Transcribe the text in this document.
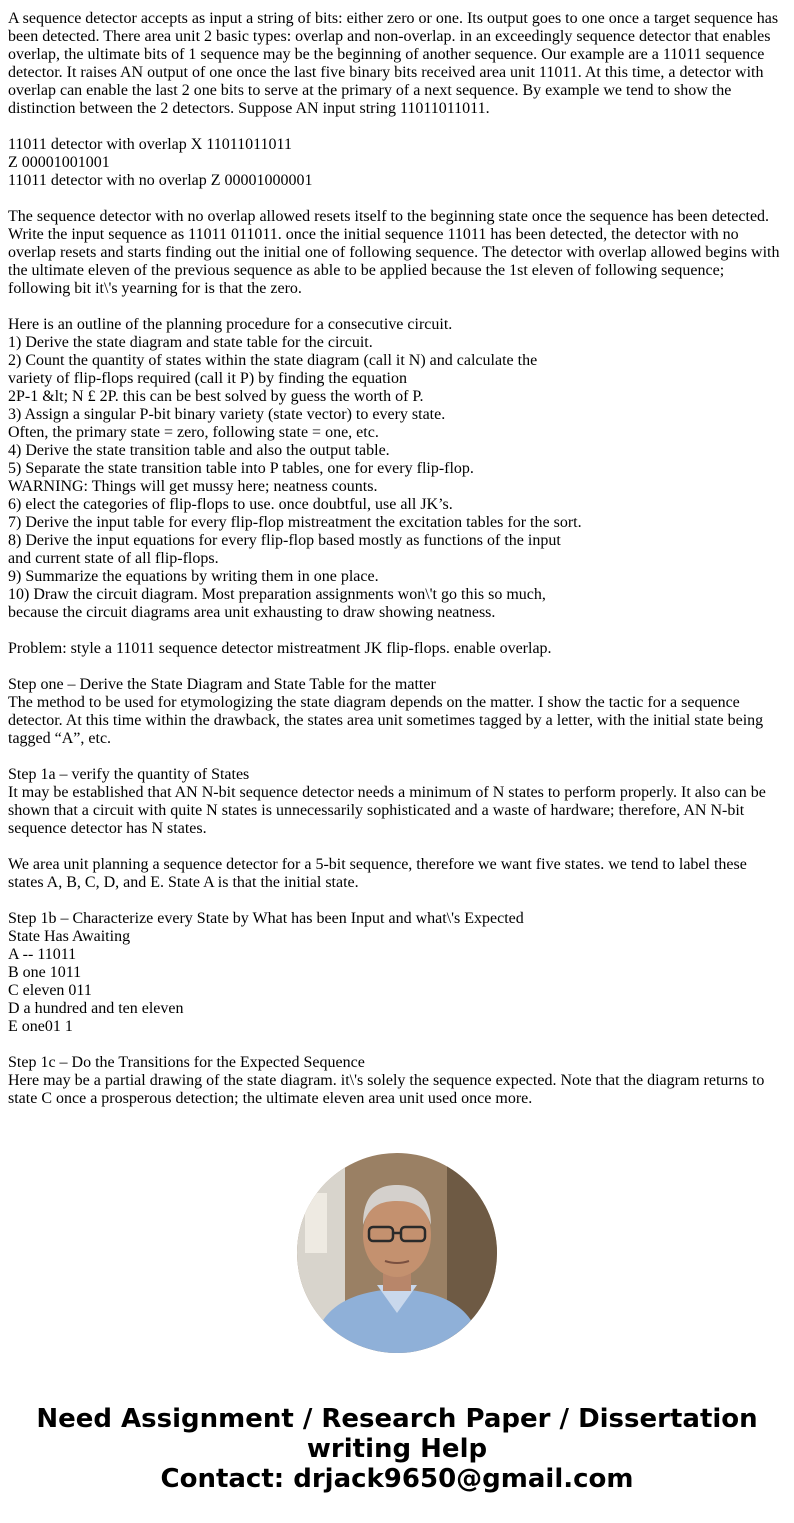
A sequence detector accepts as input a string of bits: either zero or one. Its output goes to one once a target sequence has been detected. There area unit 2 basic types: overlap and non-overlap. in an exceedingly sequence detector that enables overlap, the ultimate bits of 1 sequence may be the beginning of another sequence. Our example are a 11011 sequence detector. It raises AN output of one once the last five binary bits received area unit 11011. At this time, a detector with overlap can enable the last 2 one bits to serve at the primary of a next sequence. By example we tend to show the distinction between the 2 detectors. Suppose AN input string 11011011011.

11011 detector with overlap X 11011011011
Z 00001001001
11011 detector with no overlap Z 00001000001

The sequence detector with no overlap allowed resets itself to the beginning state once the sequence has been detected. Write the input sequence as 11011 011011. once the initial sequence 11011 has been detected, the detector with no overlap resets and starts finding out the initial one of following sequence. The detector with overlap allowed begins with the ultimate eleven of the previous sequence as able to be applied because the 1st eleven of following sequence; following bit it\'s yearning for is that the zero.

Here is an outline of the planning procedure for a consecutive circuit.
1) Derive the state diagram and state table for the circuit.
2) Count the quantity of states within the state diagram (call it N) and calculate the
variety of flip-flops required (call it P) by finding the equation
2P-1 &lt; N £ 2P. this can be best solved by guess the worth of P.
3) Assign a singular P-bit binary variety (state vector) to every state.
Often, the primary state = zero, following state = one, etc.
4) Derive the state transition table and also the output table.
5) Separate the state transition table into P tables, one for every flip-flop.
WARNING: Things will get mussy here; neatness counts.
6) elect the categories of flip-flops to use. once doubtful, use all JK’s.
7) Derive the input table for every flip-flop mistreatment the excitation tables for the sort.
8) Derive the input equations for every flip-flop based mostly as functions of the input
and current state of all flip-flops.
9) Summarize the equations by writing them in one place.
10) Draw the circuit diagram. Most preparation assignments won\'t go this so much,
because the circuit diagrams area unit exhausting to draw showing neatness.

Problem: style a 11011 sequence detector mistreatment JK flip-flops. enable overlap.

Step one – Derive the State Diagram and State Table for the matter
The method to be used for etymologizing the state diagram depends on the matter. I show the tactic for a sequence detector. At this time within the drawback, the states area unit sometimes tagged by a letter, with the initial state being tagged “A”, etc.

Step 1a – verify the quantity of States
It may be established that AN N-bit sequence detector needs a minimum of N states to perform properly. It also can be shown that a circuit with quite N states is unnecessarily sophisticated and a waste of hardware; therefore, AN N-bit sequence detector has N states.

We area unit planning a sequence detector for a 5-bit sequence, therefore we want five states. we tend to label these states A, B, C, D, and E. State A is that the initial state.

Step 1b – Characterize every State by What has been Input and what\'s Expected
State Has Awaiting
A -- 11011
B one 1011
C eleven 011
D a hundred and ten eleven
E one01 1

Step 1c – Do the Transitions for the Expected Sequence
Here may be a partial drawing of the state diagram. it\'s solely the sequence expected. Note that the diagram returns to state C once a prosperous detection; the ultimate eleven area unit used once more.

Need Assignment / Research Paper / Dissertation
writing Help
Contact: drjack9650@gmail.com
